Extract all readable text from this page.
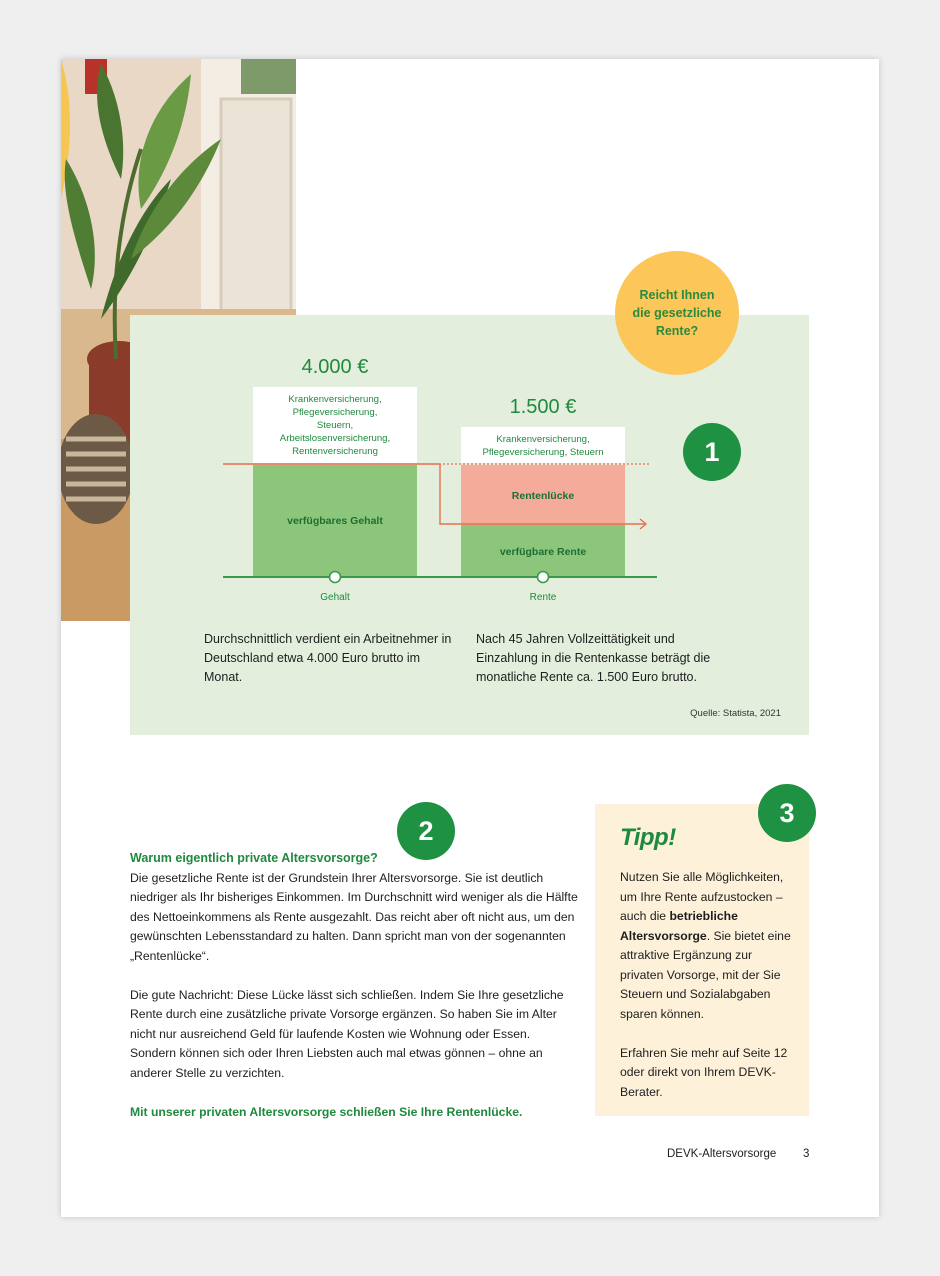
4.000 €
1.500 €
Krankenversicherung,
Pflegeversicherung,
Steuern,
Arbeitslosenversicherung,
Rentenversicherung
Krankenversicherung,
Pflegeversicherung, Steuern
verfügbares Gehalt
Rentenlücke
verfügbare Rente
Gehalt	Rente
1
Durchschnittlich verdient ein Arbeitnehmer in Deutschland etwa 4.000 Euro brutto im Monat.
Nach 45 Jahren Vollzeittätigkeit und Einzahlung in die Rentenkasse beträgt die monatliche Rente ca. 1.500 Euro brutto.
Quelle: Statista, 2021
Reicht Ihnen die gesetzliche Rente?
2
Warum eigentlich private Altersvorsorge?

Die gesetzliche Rente ist der Grundstein Ihrer Altersvorsorge. Sie ist deutlich niedriger als Ihr bisheriges Einkommen. Im Durchschnitt wird weniger als die Hälfte des Nettoeinkommens als Rente ausgezahlt. Das reicht aber oft nicht aus, um den gewünschten Lebensstandard zu halten. Dann spricht man von der sogenannten „Rentenlücke“.

Die gute Nachricht: Diese Lücke lässt sich schließen. Indem Sie Ihre gesetzliche Rente durch eine zusätzliche private Vorsorge ergänzen. So haben Sie im Alter nicht nur ausreichend Geld für laufende Kosten wie Wohnung oder Essen. Sondern können sich oder Ihren Liebsten auch mal etwas gönnen – ohne an anderer Stelle zu verzichten.

Mit unserer privaten Altersvorsorge schließen Sie Ihre Rentenlücke.

Tipp!

Nutzen Sie alle Möglichkeiten, um Ihre Rente aufzustocken – auch die betriebliche Altersvorsorge. Sie bietet eine attraktive Ergänzung zur privaten Vorsorge, mit der Sie Steuern und Sozialabgaben sparen können.

Erfahren Sie mehr auf Seite 12 oder direkt von Ihrem DEVK-Berater.

3
DEVK-Altersvorsorge 3
